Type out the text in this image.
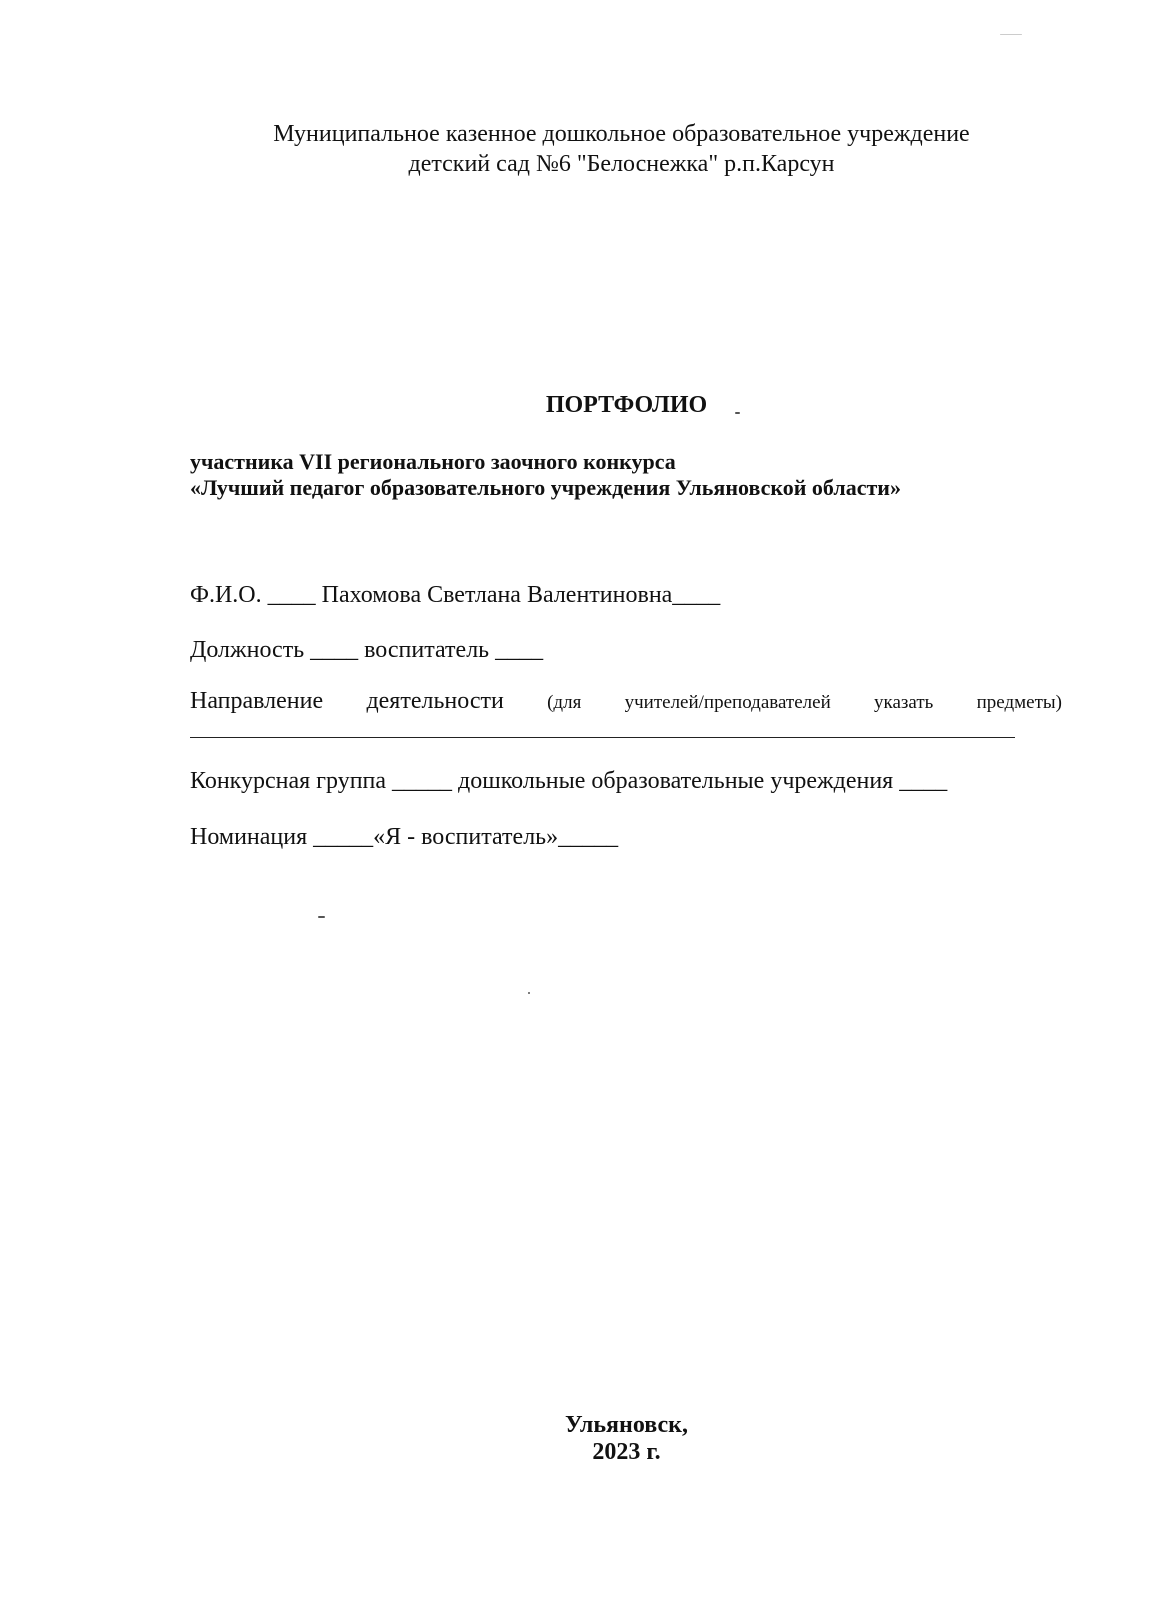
Муниципальное казенное дошкольное образовательное учреждение
детский сад №6 "Белоснежка" р.п.Карсун
ПОРТФОЛИО
участника VII регионального заочного конкурса
«Лучший педагог образовательного учреждения Ульяновской области»
Ф.И.О. ____ Пахомова Светлана Валентиновна____
Должность ____ воспитатель ____
Направление деятельности (для учителей/преподавателей указать предметы)
Конкурсная группа _____ дошкольные образовательные учреждения ____
Номинация _____«Я - воспитатель»_____
Ульяновск,
2023 г.
